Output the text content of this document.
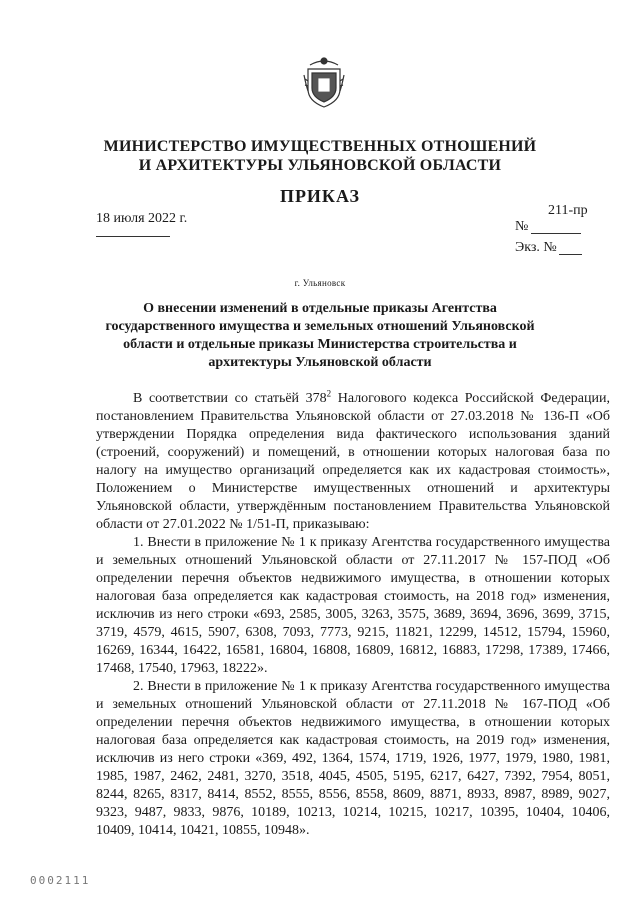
МИНИСТЕРСТВО ИМУЩЕСТВЕННЫХ ОТНОШЕНИЙ
И АРХИТЕКТУРЫ УЛЬЯНОВСКОЙ ОБЛАСТИ
ПРИКАЗ
18 июля 2022 г.
211-пр
№
Экз. №
г. Ульяновск
О внесении изменений в отдельные приказы Агентства государственного имущества и земельных отношений Ульяновской области и отдельные приказы Министерства строительства и архитектуры Ульяновской области

В соответствии со статьёй $378^2$ Налогового кодекса Российской Федерации, постановлением Правительства Ульяновской области от 27.03.2018 № 136-П «Об утверждении Порядка определения вида фактического использования зданий (строений, сооружений) и помещений, в отношении которых налоговая база по налогу на имущество организаций определяется как их кадастровая стоимость», Положением о Министерстве имущественных отношений и архитектуры Ульяновской области, утверждённым постановлением Правительства Ульяновской области от 27.01.2022 № 1/51-П, приказываю:

1. Внести в приложение № 1 к приказу Агентства государственного имущества и земельных отношений Ульяновской области от 27.11.2017 № 157-ПОД «Об определении перечня объектов недвижимого имущества, в отношении которых налоговая база определяется как кадастровая стоимость, на 2018 год» изменения, исключив из него строки «693, 2585, 3005, 3263, 3575, 3689, 3694, 3696, 3699, 3715, 3719, 4579, 4615, 5907, 6308, 7093, 7773, 9215, 11821, 12299, 14512, 15794, 15960, 16269, 16344, 16422, 16581, 16804, 16808, 16809, 16812, 16883, 17298, 17389, 17466, 17468, 17540, 17963, 18222».

2. Внести в приложение № 1 к приказу Агентства государственного имущества и земельных отношений Ульяновской области от 27.11.2018 № 167-ПОД «Об определении перечня объектов недвижимого имущества, в отношении которых налоговая база определяется как кадастровая стоимость, на 2019 год» изменения, исключив из него строки «369, 492, 1364, 1574, 1719, 1926, 1977, 1979, 1980, 1981, 1985, 1987, 2462, 2481, 3270, 3518, 4045, 4505, 5195, 6217, 6427, 7392, 7954, 8051, 8244, 8265, 8317, 8414, 8552, 8555, 8556, 8558, 8609, 8871, 8933, 8987, 8989, 9027, 9323, 9487, 9833, 9876, 10189, 10213, 10214, 10215, 10217, 10395, 10404, 10406, 10409, 10414, 10421, 10855, 10948».

0002111
